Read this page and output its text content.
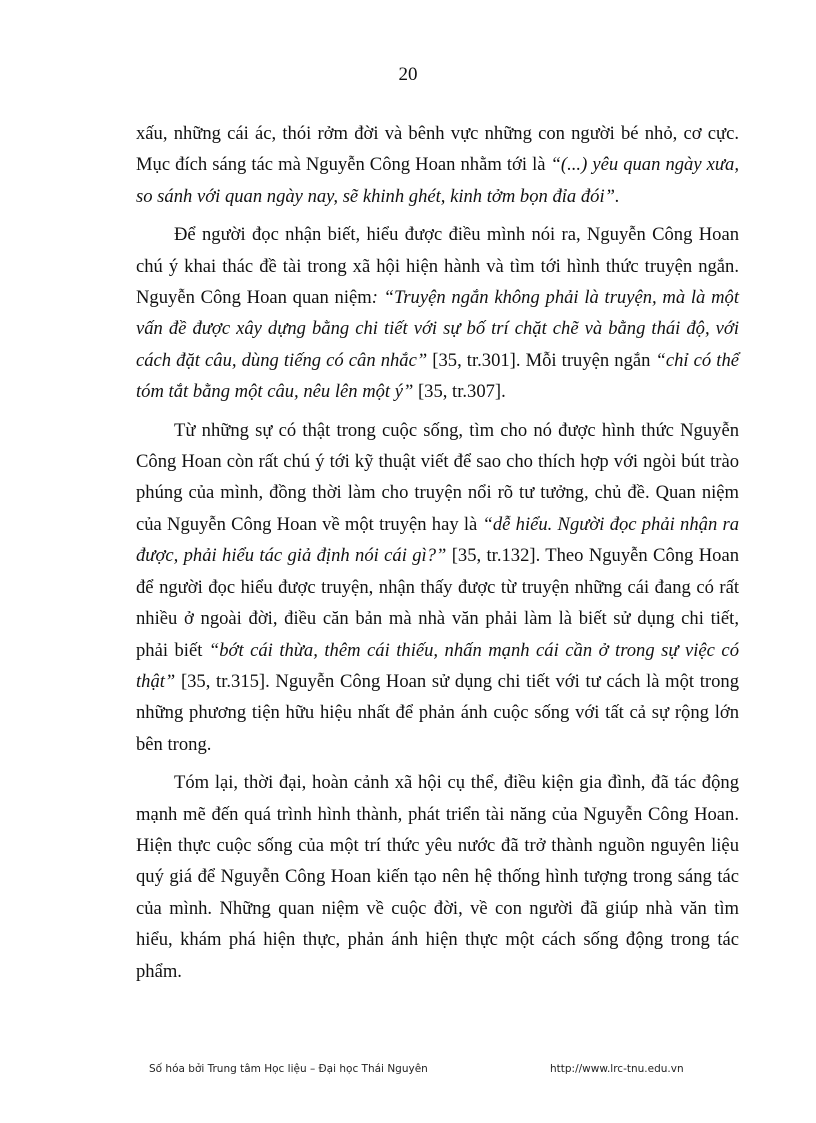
20

xấu, những cái ác, thói rởm đời và bênh vực những con người bé nhỏ, cơ cực. Mục đích sáng tác mà Nguyễn Công Hoan nhằm tới là “(...) yêu quan ngày xưa, so sánh với quan ngày nay, sẽ khinh ghét, kinh tởm bọn đỉa đói”.

Để người đọc nhận biết, hiểu được điều mình nói ra, Nguyễn Công Hoan chú ý khai thác đề tài trong xã hội hiện hành và tìm tới hình thức truyện ngắn. Nguyễn Công Hoan quan niệm: “Truyện ngắn không phải là truyện, mà là một vấn đề được xây dựng bằng chi tiết với sự bố trí chặt chẽ và bằng thái độ, với cách đặt câu, dùng tiếng có cân nhắc” [35, tr.301]. Mỗi truyện ngắn “chỉ có thể tóm tắt bằng một câu, nêu lên một ý” [35, tr.307].

Từ những sự có thật trong cuộc sống, tìm cho nó được hình thức Nguyễn Công Hoan còn rất chú ý tới kỹ thuật viết để sao cho thích hợp với ngòi bút trào phúng của mình, đồng thời làm cho truyện nổi rõ tư tưởng, chủ đề. Quan niệm của Nguyễn Công Hoan về một truyện hay là “dễ hiểu. Người đọc phải nhận ra được, phải hiểu tác giả định nói cái gì?” [35, tr.132]. Theo Nguyễn Công Hoan để người đọc hiểu được truyện, nhận thấy được từ truyện những cái đang có rất nhiều ở ngoài đời, điều căn bản mà nhà văn phải làm là biết sử dụng chi tiết, phải biết “bớt cái thừa, thêm cái thiếu, nhấn mạnh cái cần ở trong sự việc có thật” [35, tr.315]. Nguyễn Công Hoan sử dụng chi tiết với tư cách là một trong những phương tiện hữu hiệu nhất để phản ánh cuộc sống với tất cả sự rộng lớn bên trong.

Tóm lại, thời đại, hoàn cảnh xã hội cụ thể, điều kiện gia đình, đã tác động mạnh mẽ đến quá trình hình thành, phát triển tài năng của Nguyễn Công Hoan. Hiện thực cuộc sống của một trí thức yêu nước đã trở thành nguồn nguyên liệu quý giá để Nguyễn Công Hoan kiến tạo nên hệ thống hình tượng trong sáng tác của mình. Những quan niệm về cuộc đời, về con người đã giúp nhà văn tìm hiểu, khám phá hiện thực, phản ánh hiện thực một cách sống động trong tác phẩm.

Số hóa bởi Trung tâm Học liệu – Đại học Thái Nguyên	http://www.lrc-tnu.edu.vn
